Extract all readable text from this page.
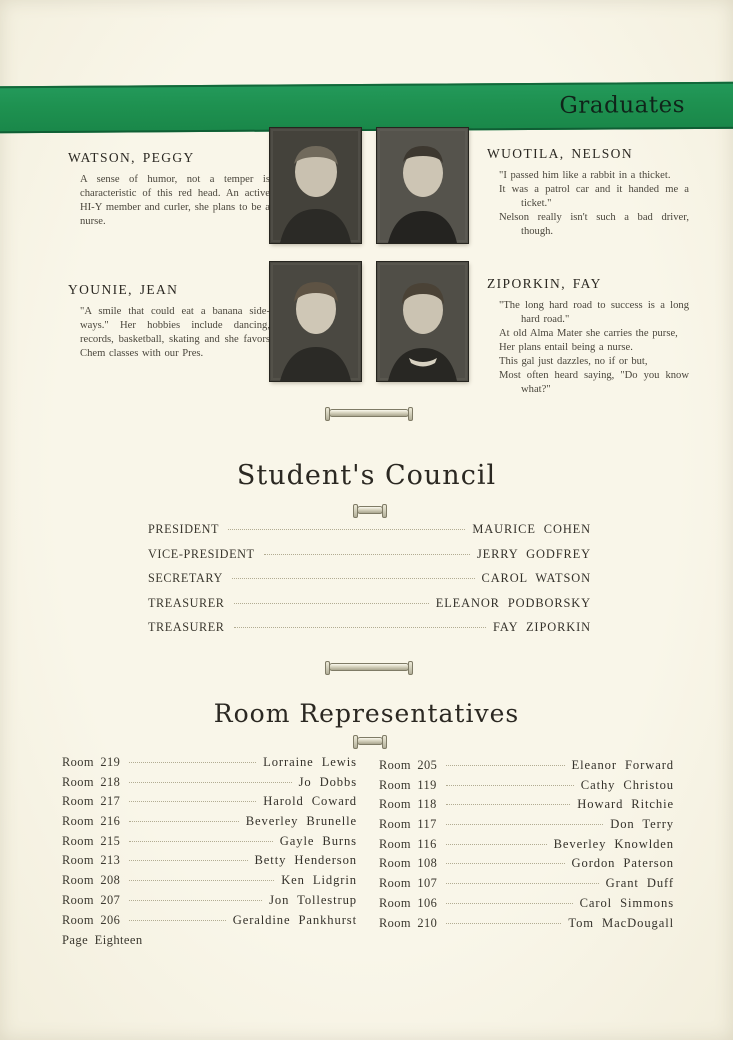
Graduates
WATSON, PEGGY

A sense of humor, not a temper is characteristic of this red head. An active HI-Y member and curler, she plans to be a nurse.

WUOTILA, NELSON
"I passed him like a rabbit in a thicket.
It was a patrol car and it handed me a ticket."
Nelson really isn't such a bad driver, though.
YOUNIE, JEAN

"A smile that could eat a banana side-ways." Her hobbies include dancing, records, basketball, skating and she favors Chem classes with our Pres.

ZIPORKIN, FAY
"The long hard road to success is a long hard road."
At old Alma Mater she carries the purse,
Her plans entail being a nurse.
This gal just dazzles, no if or but,
Most often heard saying, "Do you know what?"
Student's Council
PRESIDENT	MAURICE COHEN
VICE-PRESIDENT	JERRY GODFREY
SECRETARY	CAROL WATSON
TREASURER	ELEANOR PODBORSKY
TREASURER	FAY ZIPORKIN
Room Representatives
Room 219	Lorraine Lewis
Room 218	Jo Dobbs
Room 217	Harold Coward
Room 216	Beverley Brunelle
Room 215	Gayle Burns
Room 213	Betty Henderson
Room 208	Ken Lidgrin
Room 207	Jon Tollestrup
Room 206	Geraldine Pankhurst
Room 205	Eleanor Forward
Room 119	Cathy Christou
Room 118	Howard Ritchie
Room 117	Don Terry
Room 116	Beverley Knowlden
Room 108	Gordon Paterson
Room 107	Grant Duff
Room 106	Carol Simmons
Room 210	Tom MacDougall
Page Eighteen
